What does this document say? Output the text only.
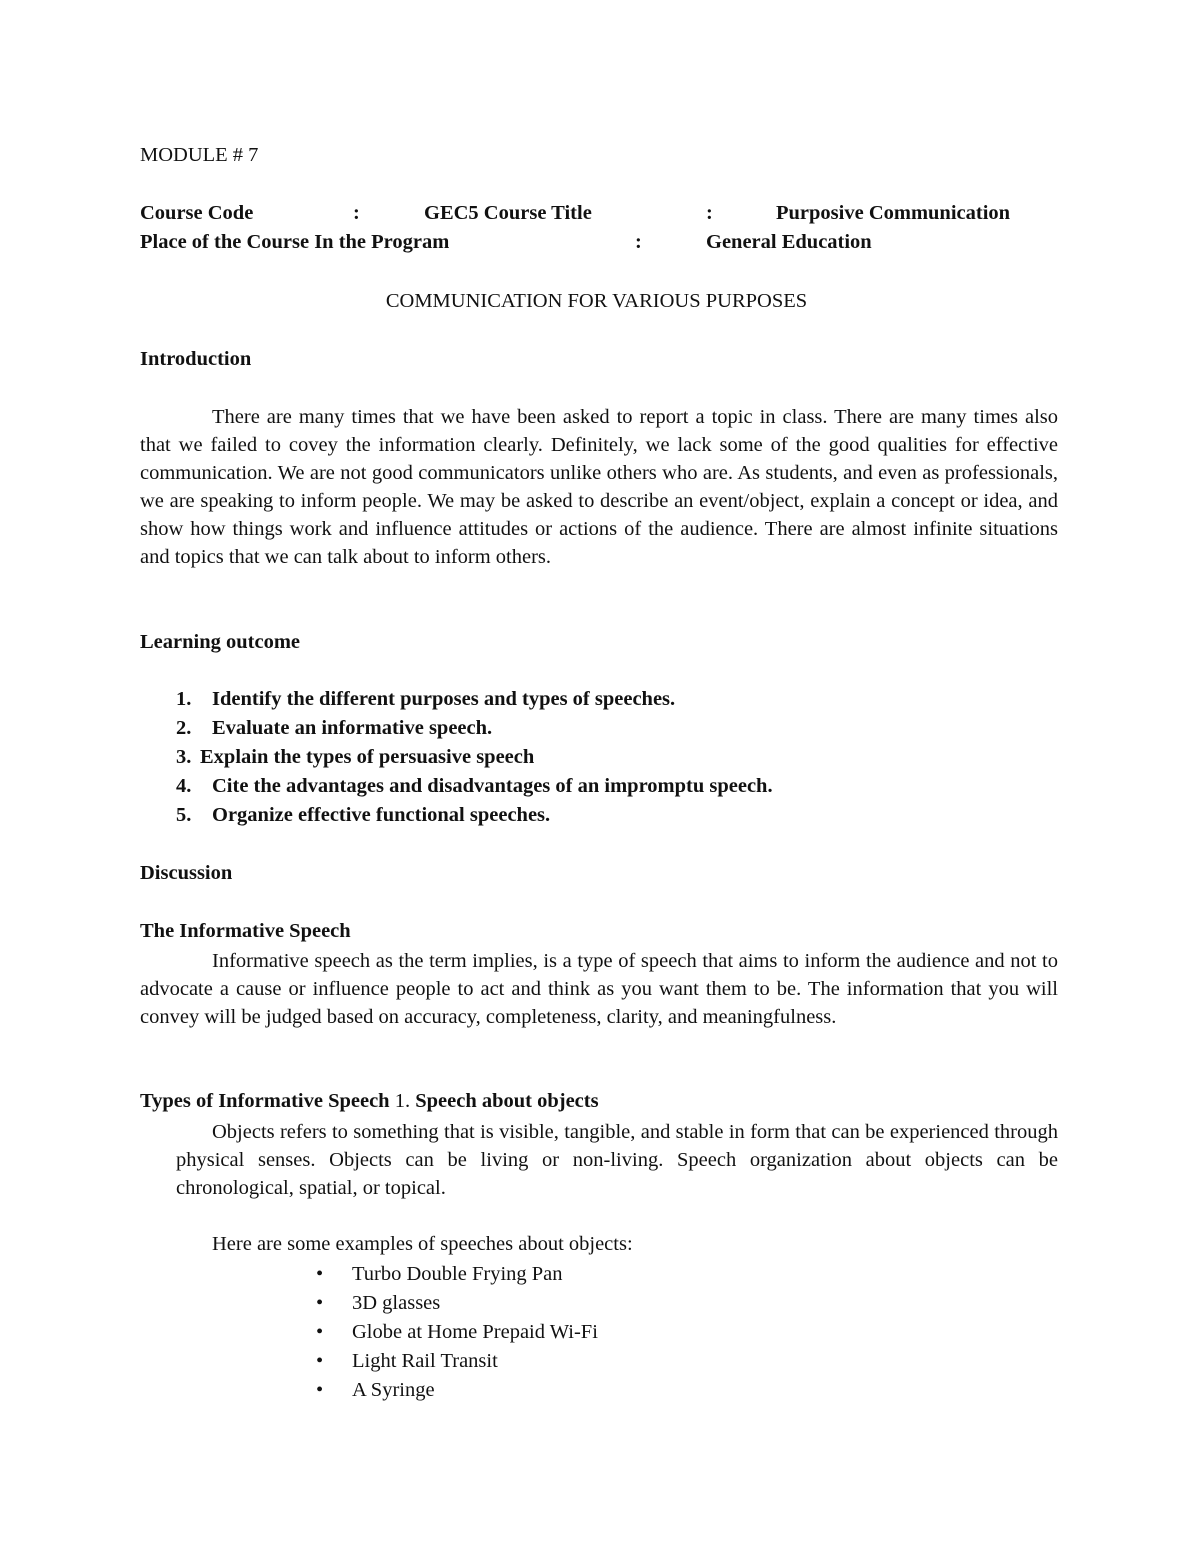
MODULE # 7
Course Code	:	GEC5 Course Title	:	Purposive Communication
Place of the Course In the Program	:	General Education
COMMUNICATION FOR VARIOUS PURPOSES
Introduction
There are many times that we have been asked to report a topic in class. There are many times also that we failed to covey the information clearly. Definitely, we lack some of the good qualities for effective communication. We are not good communicators unlike others who are. As students, and even as professionals, we are speaking to inform people. We may be asked to describe an event/object, explain a concept or idea, and show how things work and influence attitudes or actions of the audience. There are almost infinite situations and topics that we can talk about to inform others.
Learning outcome
1. Identify the different purposes and types of speeches.
2. Evaluate an informative speech.
3. Explain the types of persuasive speech
4. Cite the advantages and disadvantages of an impromptu speech.
5. Organize effective functional speeches.
Discussion
The Informative Speech
Informative speech as the term implies, is a type of speech that aims to inform the audience and not to advocate a cause or influence people to act and think as you want them to be. The information that you will convey will be judged based on accuracy, completeness, clarity, and meaningfulness.
Types of Informative Speech 1. Speech about objects
Objects refers to something that is visible, tangible, and stable in form that can be experienced through physical senses. Objects can be living or non-living. Speech organization about objects can be chronological, spatial, or topical.
Here are some examples of speeches about objects:
• Turbo Double Frying Pan
• 3D glasses
• Globe at Home Prepaid Wi-Fi
• Light Rail Transit
• A Syringe
